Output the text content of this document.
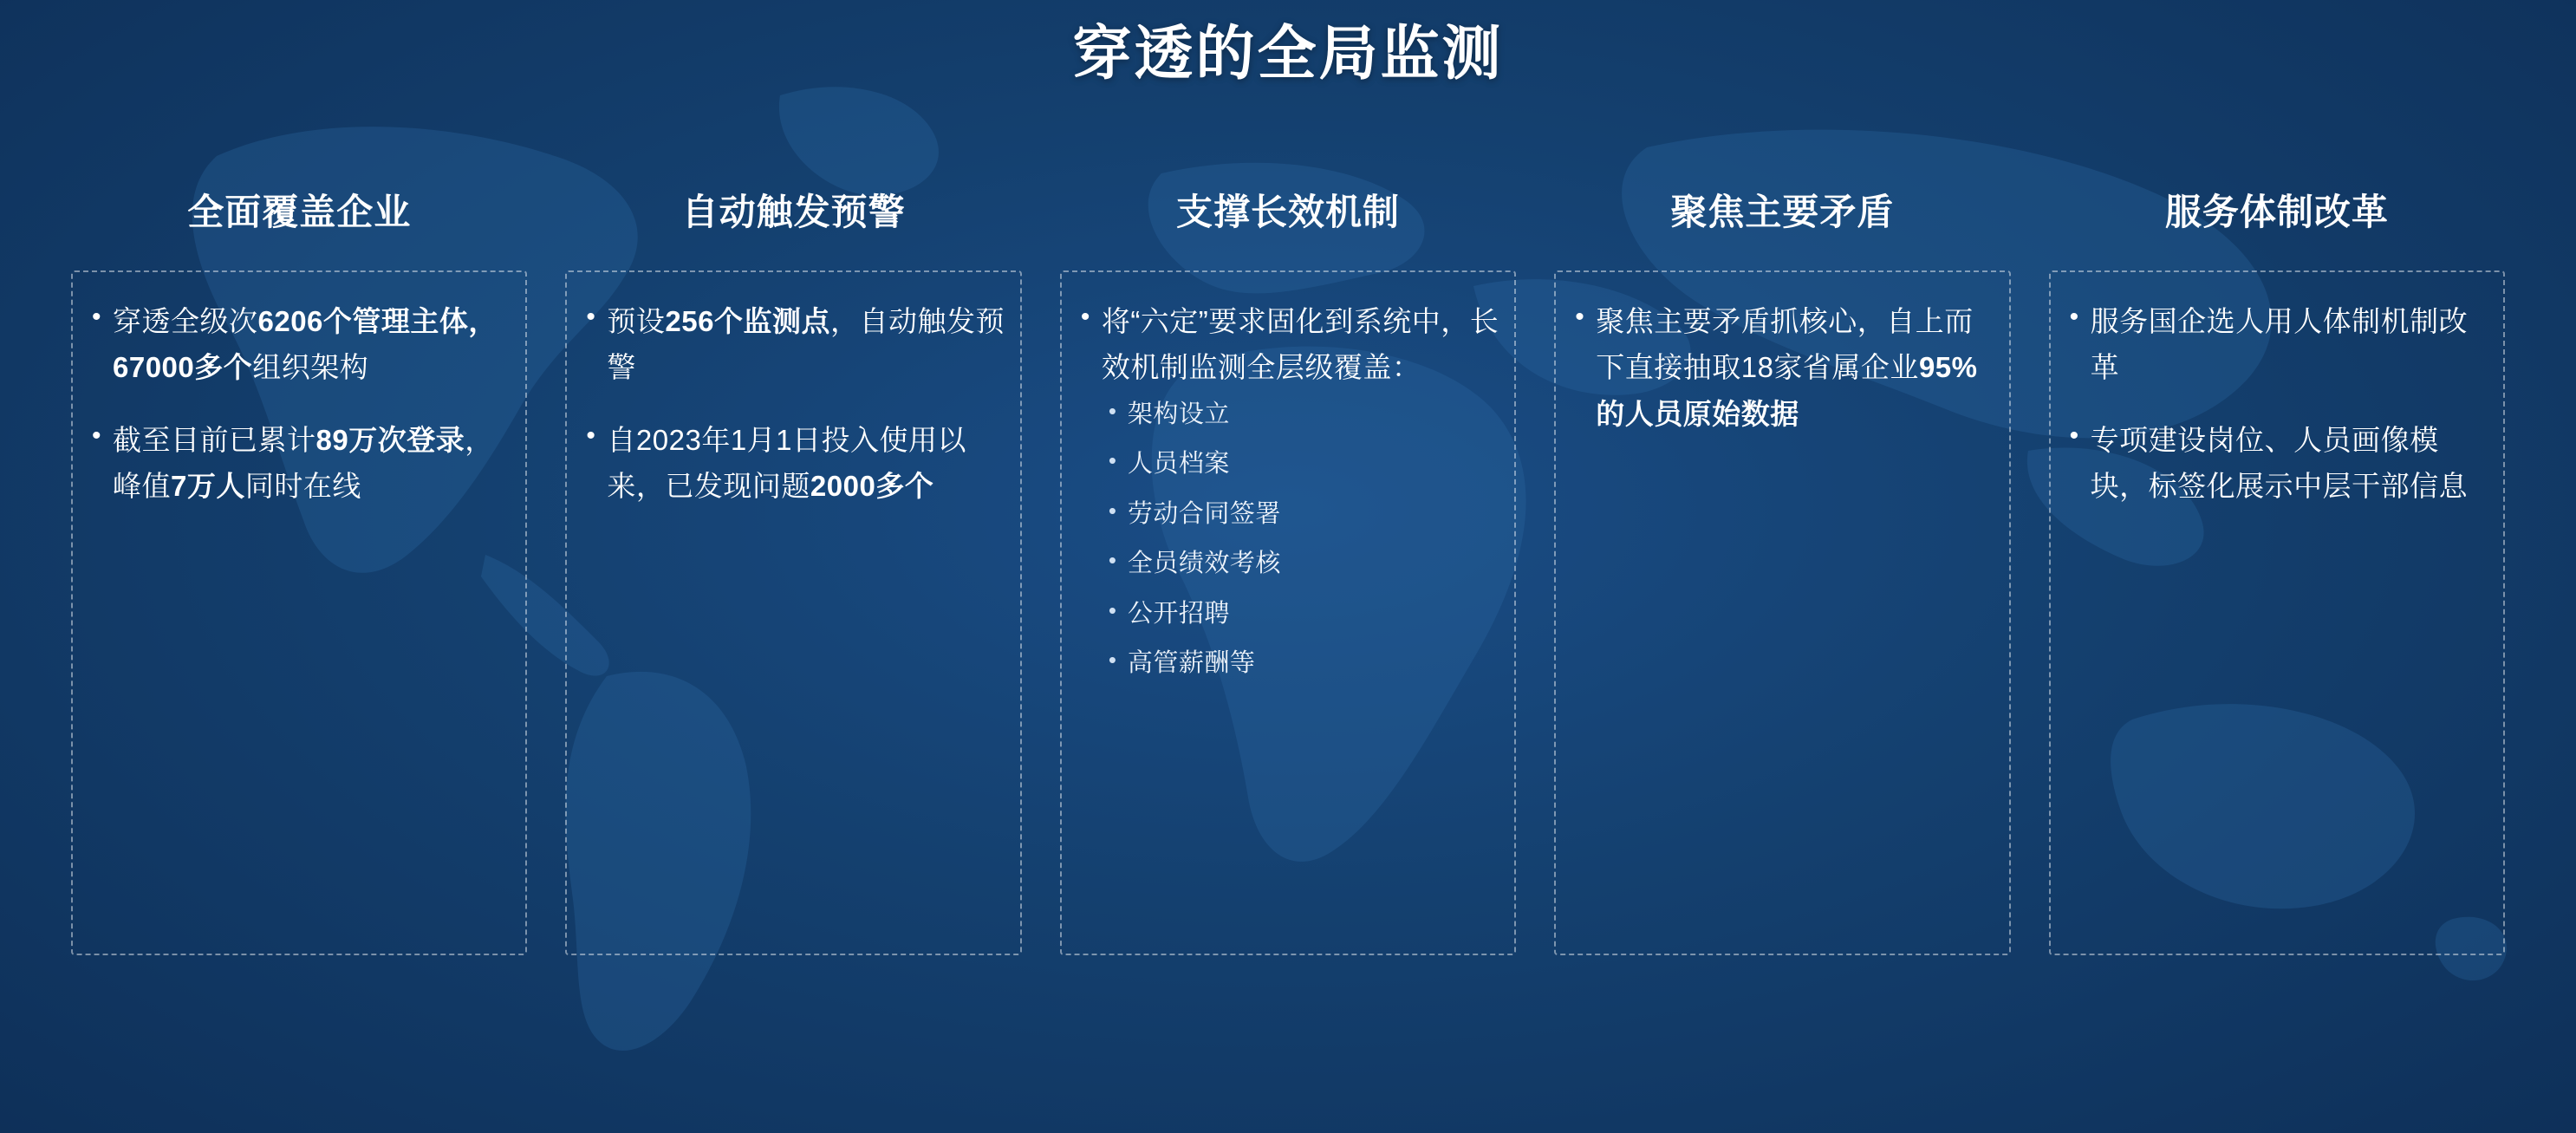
穿透的全局监测
全面覆盖企业
• 穿透全级次6206个管理主体，67000多个组织架构
• 截至目前已累计89万次登录，峰值7万人同时在线
自动触发预警
• 预设256个监测点，自动触发预警
• 自2023年1月1日投入使用以来，已发现问题2000多个
支撑长效机制
• 将“六定”要求固化到系统中，长效机制监测全层级覆盖：
• 架构设立
• 人员档案
• 劳动合同签署
• 全员绩效考核
• 公开招聘
• 高管薪酬等
聚焦主要矛盾
• 聚焦主要矛盾抓核心，自上而下直接抽取18家省属企业95%的人员原始数据
服务体制改革
• 服务国企选人用人体制机制改革
• 专项建设岗位、人员画像模块，标签化展示中层干部信息
